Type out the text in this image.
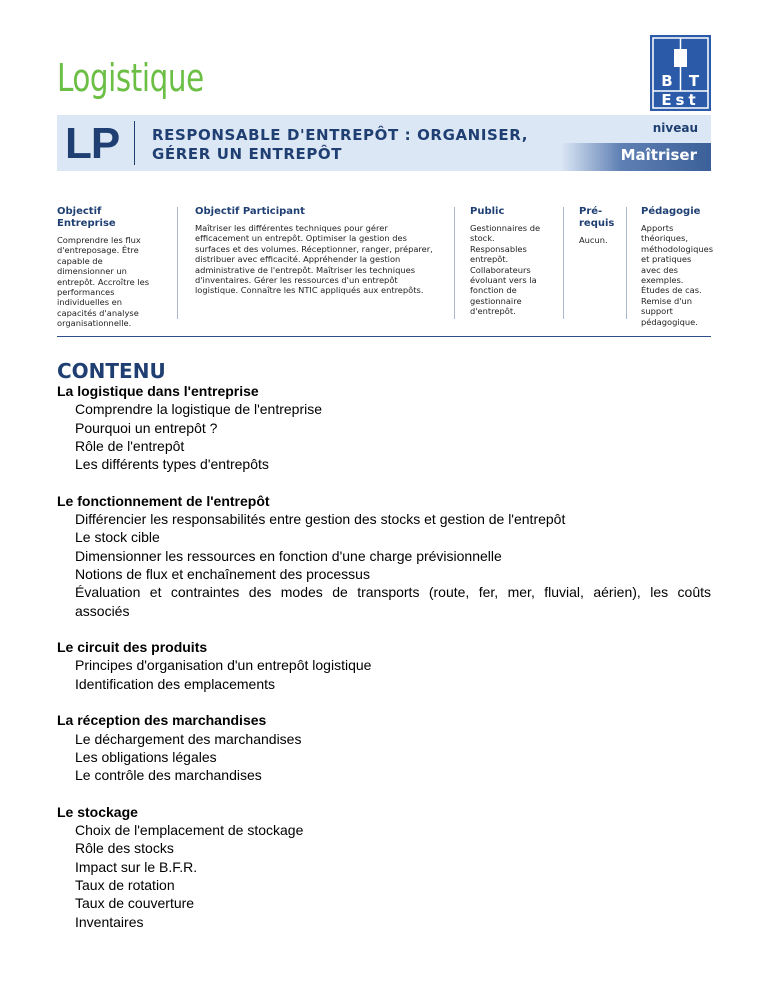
Logistique	B	T
Est
LP RESPONSABLE D'ENTREPÔT : ORGANISER, GÉRER UN ENTREPÔT
niveau
Maîtriser
Objectif Entreprise

Comprendre les flux d'entreposage. Être capable de dimensionner un entrepôt. Accroître les performances individuelles en capacités d'analyse organisationnelle.

Objectif Participant

Maîtriser les différentes techniques pour gérer efficacement un entrepôt. Optimiser la gestion des surfaces et des volumes. Réceptionner, ranger, préparer, distribuer avec efficacité. Appréhender la gestion administrative de l'entrepôt. Maîtriser les techniques d'inventaires. Gérer les ressources d'un entrepôt logistique. Connaître les NTIC appliqués aux entrepôts.

Public

Gestionnaires de stock. Responsables entrepôt. Collaborateurs évoluant vers la fonction de gestionnaire d'entrepôt.

Pré-requis

Aucun.

Pédagogie

Apports théoriques, méthodologiques et pratiques avec des exemples. Études de cas. Remise d'un support pédagogique.

CONTENU
La logistique dans l'entreprise
Comprendre la logistique de l'entreprise
Pourquoi un entrepôt ?
Rôle de l'entrepôt
Les différents types d'entrepôts
Le fonctionnement de l'entrepôt
Différencier les responsabilités entre gestion des stocks et gestion de l'entrepôt
Le stock cible
Dimensionner les ressources en fonction d'une charge prévisionnelle
Notions de flux et enchaînement des processus
Évaluation et contraintes des modes de transports (route, fer, mer, fluvial, aérien), les coûts associés
Le circuit des produits
Principes d'organisation d'un entrepôt logistique
Identification des emplacements
La réception des marchandises
Le déchargement des marchandises
Les obligations légales
Le contrôle des marchandises
Le stockage
Choix de l'emplacement de stockage
Rôle des stocks
Impact sur le B.F.R.
Taux de rotation
Taux de couverture
Inventaires
